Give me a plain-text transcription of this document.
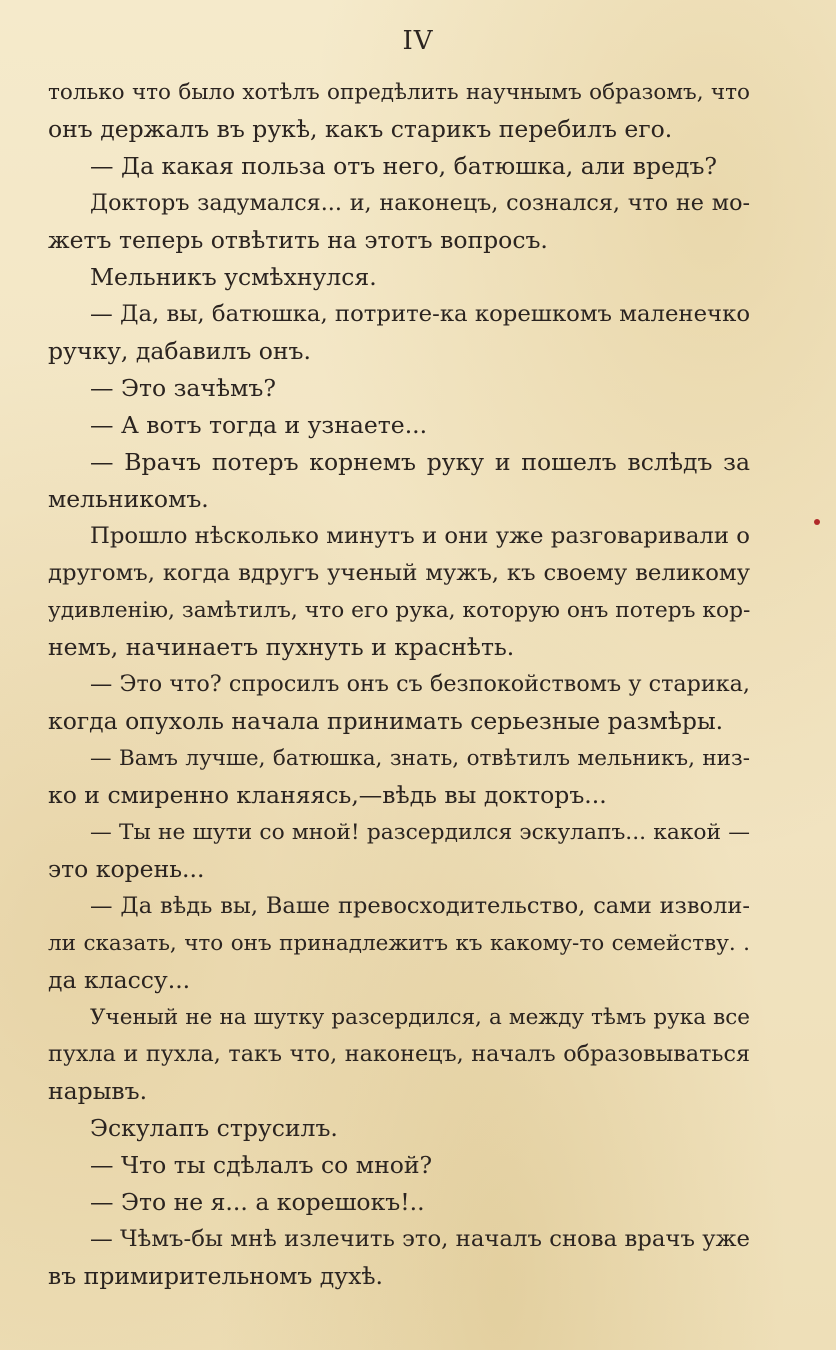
IV
только что было хотѣлъ опредѣлить научнымъ образомъ, что
онъ держалъ въ рукѣ, какъ старикъ перебилъ его.
— Да какая польза отъ него, батюшка, али вредъ?
Докторъ задумался... и, наконецъ, сознался, что не мо-
жетъ теперь отвѣтить на этотъ вопросъ.
Мельникъ усмѣхнулся.
— Да, вы, батюшка, потрите-ка корешкомъ маленечко
ручку, дабавилъ онъ.
— Это зачѣмъ?
— А вотъ тогда и узнаете...
— Врачъ потеръ корнемъ руку и пошелъ вслѣдъ за
мельникомъ.
Прошло нѣсколько минутъ и они уже разговаривали о
другомъ, когда вдругъ ученый мужъ, къ своему великому
удивленію, замѣтилъ, что его рука, которую онъ потеръ кор-
немъ, начинаетъ пухнуть и краснѣть.
— Это что? спросилъ онъ съ безпокойствомъ у старика,
когда опухоль начала принимать серьезные размѣры.
— Вамъ лучше, батюшка, знать, отвѣтилъ мельникъ, низ-
ко и смиренно кланяясь,—вѣдь вы докторъ...
— Ты не шути со мной! разсердился эскулапъ... какой —
это корень...
— Да вѣдь вы, Ваше превосходительство, сами изволи-
ли сказать, что онъ принадлежитъ къ какому-то семейству. .
да классу...
Ученый не на шутку разсердился, а между тѣмъ рука все
пухла и пухла, такъ что, наконецъ, началъ образовываться
нарывъ.
Эскулапъ струсилъ.
— Что ты сдѣлалъ со мной?
— Это не я... а корешокъ!..
— Чѣмъ-бы мнѣ излечить это, началъ снова врачъ уже
въ примирительномъ духѣ.
